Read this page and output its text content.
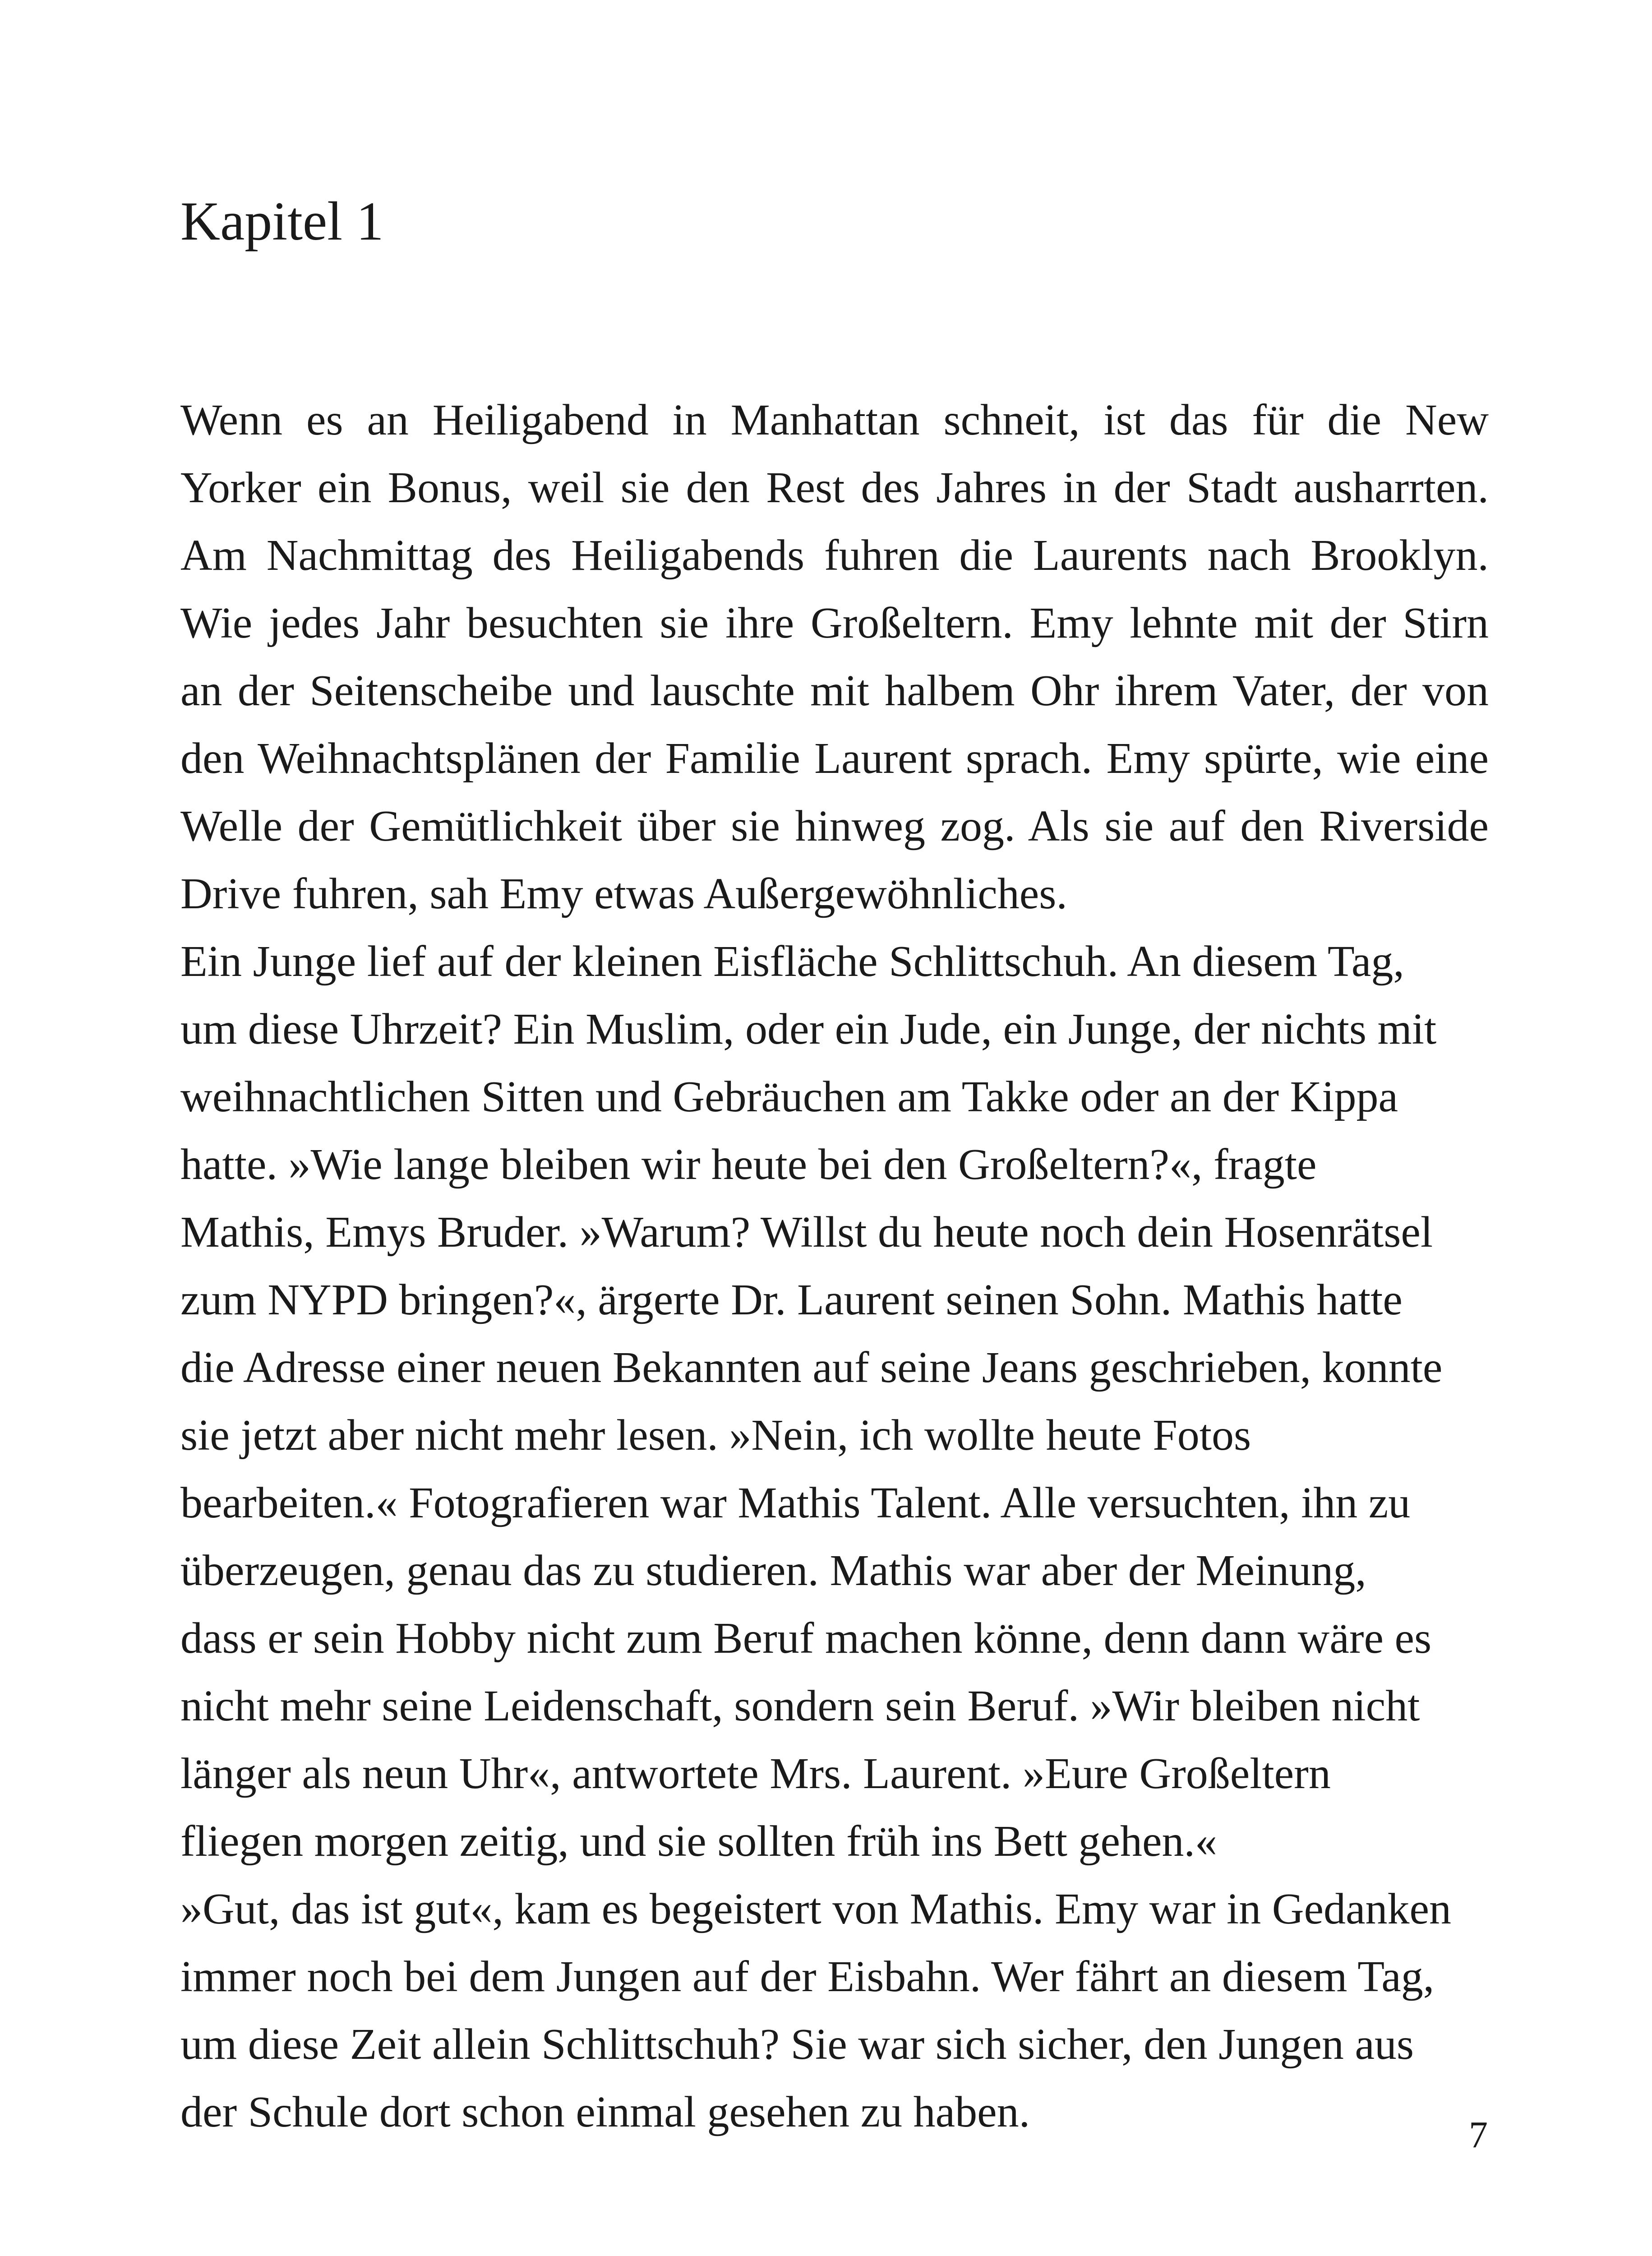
Kapitel 1
Wenn es an Heiligabend in Manhattan schneit, ist das für die New
Yorker ein Bonus, weil sie den Rest des Jahres in der Stadt ausharrten.
Am Nachmittag des Heiligabends fuhren die Laurents nach Brooklyn.
Wie jedes Jahr besuchten sie ihre Großeltern. Emy lehnte mit der Stirn
an der Seitenscheibe und lauschte mit halbem Ohr ihrem Vater, der von
den Weihnachtsplänen der Familie Laurent sprach. Emy spürte, wie eine
Welle der Gemütlichkeit über sie hinweg zog. Als sie auf den Riverside
Drive fuhren, sah Emy etwas Außergewöhnliches.
Ein Junge lief auf der kleinen Eisfläche Schlittschuh. An diesem Tag,
um diese Uhrzeit? Ein Muslim, oder ein Jude, ein Junge, der nichts mit
weihnachtlichen Sitten und Gebräuchen am Takke oder an der Kippa
hatte. »Wie lange bleiben wir heute bei den Großeltern?«, fragte
Mathis, Emys Bruder. »Warum? Willst du heute noch dein Hosenrätsel
zum NYPD bringen?«, ärgerte Dr. Laurent seinen Sohn. Mathis hatte
die Adresse einer neuen Bekannten auf seine Jeans geschrieben, konnte
sie jetzt aber nicht mehr lesen. »Nein, ich wollte heute Fotos
bearbeiten.« Fotografieren war Mathis Talent. Alle versuchten, ihn zu
überzeugen, genau das zu studieren. Mathis war aber der Meinung,
dass er sein Hobby nicht zum Beruf machen könne, denn dann wäre es
nicht mehr seine Leidenschaft, sondern sein Beruf. »Wir bleiben nicht
länger als neun Uhr«, antwortete Mrs. Laurent. »Eure Großeltern
fliegen morgen zeitig, und sie sollten früh ins Bett gehen.«
»Gut, das ist gut«, kam es begeistert von Mathis. Emy war in Gedanken
immer noch bei dem Jungen auf der Eisbahn. Wer fährt an diesem Tag,
um diese Zeit allein Schlittschuh? Sie war sich sicher, den Jungen aus
der Schule dort schon einmal gesehen zu haben.	7
